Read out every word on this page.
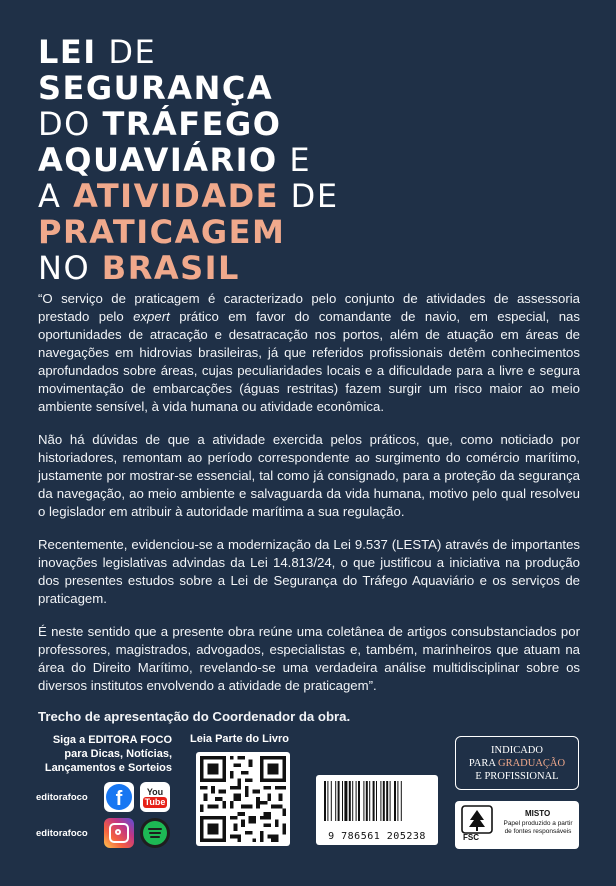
LEI DE
SEGURANÇA
DO TRÁFEGO
AQUAVIÁRIO E
A ATIVIDADE DE
PRATICAGEM
NO BRASIL

“O serviço de praticagem é caracterizado pelo conjunto de atividades de assessoria prestado pelo expert prático em favor do comandante de navio, em especial, nas oportunidades de atracação e desatracação nos portos, além de atuação em áreas de navegações em hidrovias brasileiras, já que referidos profissionais detêm conhecimentos aprofundados sobre áreas, cujas peculiaridades locais e a dificuldade para a livre e segura movimentação de embarcações (águas restritas) fazem surgir um risco maior ao meio ambiente sensível, à vida humana ou atividade econômica.

Não há dúvidas de que a atividade exercida pelos práticos, que, como noticiado por historiadores, remontam ao período correspondente ao surgimento do comércio marítimo, justamente por mostrar-se essencial, tal como já consignado, para a proteção da segurança da navegação, ao meio ambiente e salvaguarda da vida humana, motivo pelo qual resolveu o legislador em atribuir à autoridade marítima a sua regulação.

Recentemente, evidenciou-se a modernização da Lei 9.537 (LESTA) através de importantes inovações legislativas advindas da Lei 14.813/24, o que justificou a iniciativa na produção dos presentes estudos sobre a Lei de Segurança do Tráfego Aquaviário e os serviços de praticagem.

É neste sentido que a presente obra reúne uma coletânea de artigos consubstanciados por professores, magistrados, advogados, especialistas e, também, marinheiros que atuam na área do Direito Marítimo, revelando-se uma verdadeira análise multidisciplinar sobre os diversos institutos envolvendo a atividade de praticagem”.

Trecho de apresentação do Coordenador da obra.

Siga a EDITORA FOCO
para Dicas, Notícias,
Lançamentos e Sorteios
editorafoco	f	You
Tube
editorafoco
Leia Parte do Livro
9 786561 205238
INDICADO
PARA GRADUAÇÃO
E PROFISSIONAL
FSC
MISTO
Papel produzido a partir de fontes responsáveis
